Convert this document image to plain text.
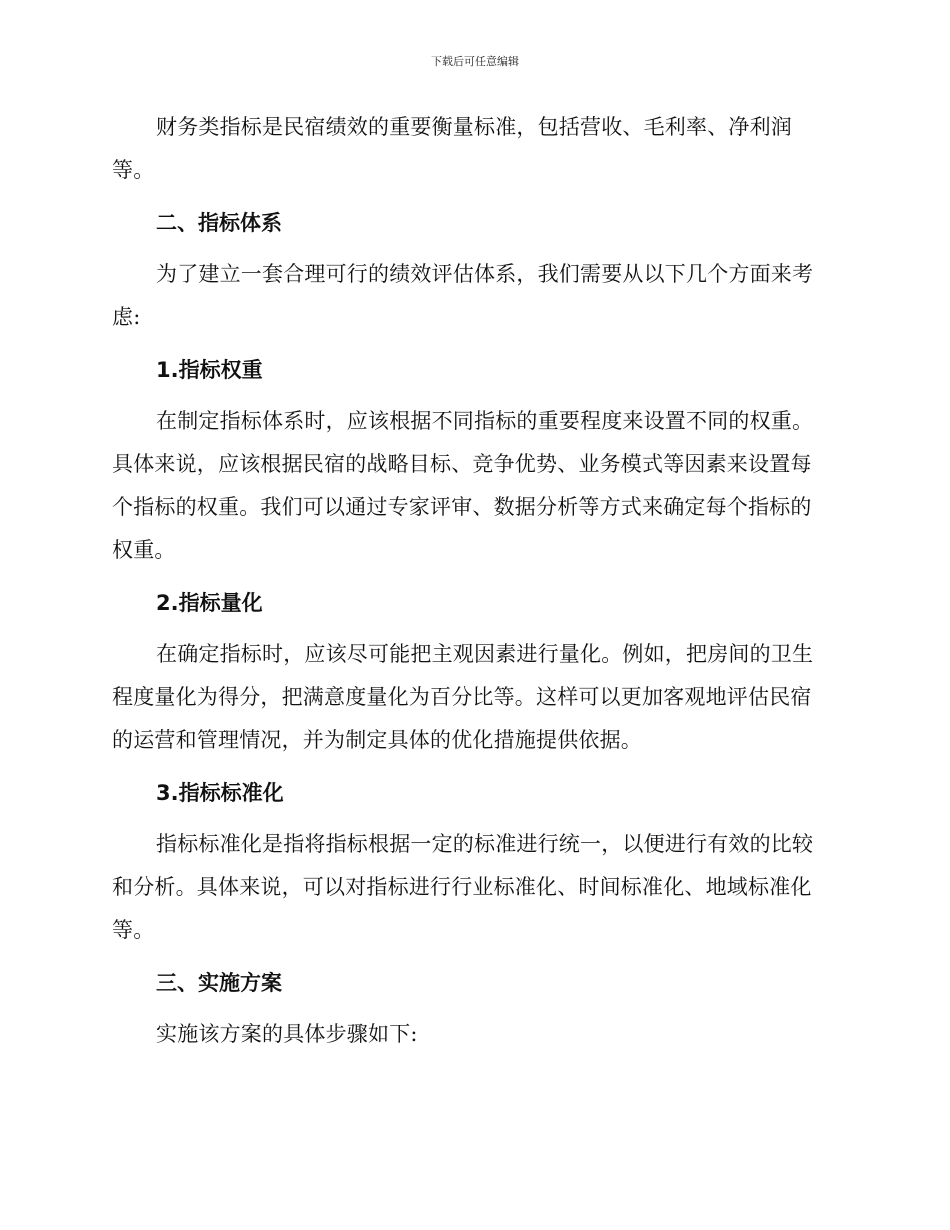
下载后可任意编辑

财务类指标是民宿绩效的重要衡量标准，包括营收、毛利率、净利润等。

二、指标体系

为了建立一套合理可行的绩效评估体系，我们需要从以下几个方面来考虑:

1.指标权重

在制定指标体系时，应该根据不同指标的重要程度来设置不同的权重。具体来说，应该根据民宿的战略目标、竞争优势、业务模式等因素来设置每个指标的权重。我们可以通过专家评审、数据分析等方式来确定每个指标的权重。

2.指标量化

在确定指标时，应该尽可能把主观因素进行量化。例如，把房间的卫生程度量化为得分，把满意度量化为百分比等。这样可以更加客观地评估民宿的运营和管理情况，并为制定具体的优化措施提供依据。

3.指标标准化

指标标准化是指将指标根据一定的标准进行统一，以便进行有效的比较和分析。具体来说，可以对指标进行行业标准化、时间标准化、地域标准化等。

三、实施方案

实施该方案的具体步骤如下:
